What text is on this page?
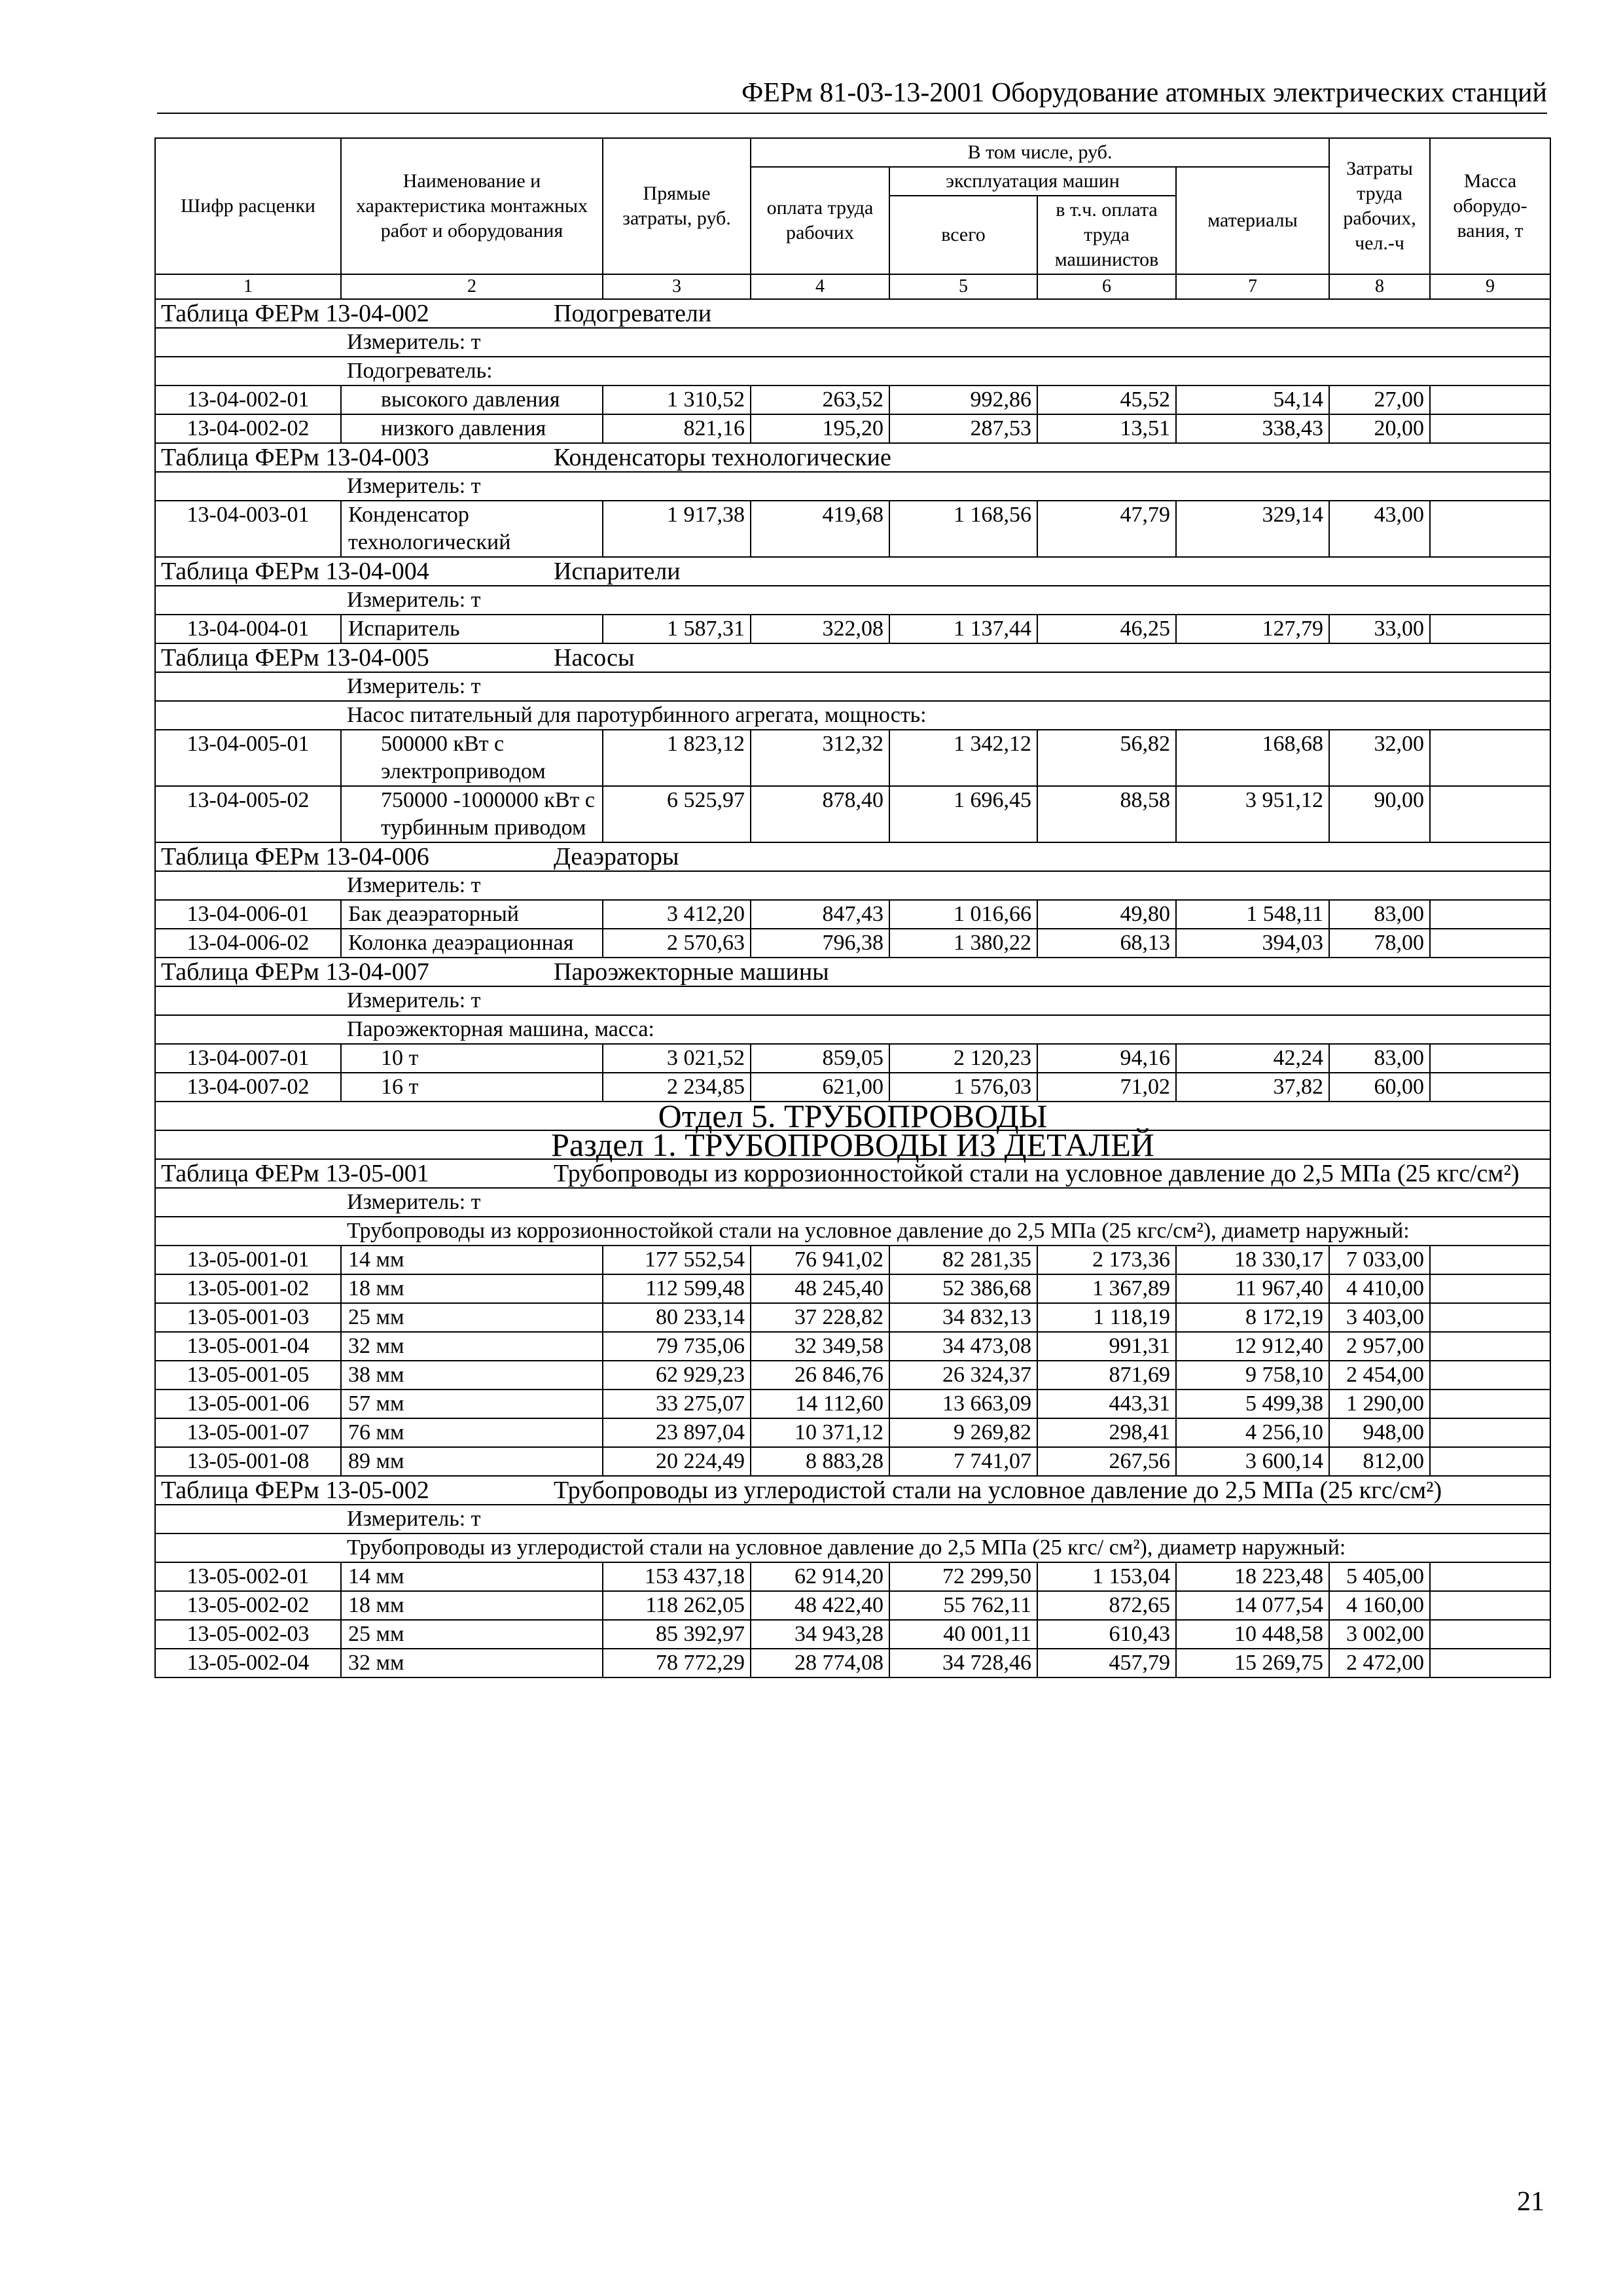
ФЕРм 81-03-13-2001 Оборудование атомных электрических станций
Шифр расценки	Наименование и характеристика монтажных работ и оборудования	Прямые затраты, руб.	В том числе, руб.				Затраты труда рабочих, чел.-ч	Масса оборудо-вания, т
			оплата труда рабочих	эксплуатация машин		материалы		
				всего	в т.ч. оплата труда машинистов			
1	2	3	4	5	6	7	8	9
Таблица ФЕРм 13-04-002 Подогреватели								
Измеритель: т								
Подогреватель:								
13-04-002-01	высокого давления	1 310,52	263,52	992,86	45,52	54,14	27,00	
13-04-002-02	низкого давления	821,16	195,20	287,53	13,51	338,43	20,00	
Таблица ФЕРм 13-04-003 Конденсаторы технологические								
Измеритель: т								
13-04-003-01	Конденсатор технологический	1 917,38	419,68	1 168,56	47,79	329,14	43,00	
Таблица ФЕРм 13-04-004 Испарители								
Измеритель: т								
13-04-004-01	Испаритель	1 587,31	322,08	1 137,44	46,25	127,79	33,00	
Таблица ФЕРм 13-04-005 Насосы								
Измеритель: т								
Насос питательный для паротурбинного агрегата, мощность:								
13-04-005-01	500000 кВт с электроприводом	1 823,12	312,32	1 342,12	56,82	168,68	32,00	
13-04-005-02	750000 -1000000 кВт с турбинным приводом	6 525,97	878,40	1 696,45	88,58	3 951,12	90,00	
Таблица ФЕРм 13-04-006 Деаэраторы								
Измеритель: т								
13-04-006-01	Бак деаэраторный	3 412,20	847,43	1 016,66	49,80	1 548,11	83,00	
13-04-006-02	Колонка деаэрационная	2 570,63	796,38	1 380,22	68,13	394,03	78,00	
Таблица ФЕРм 13-04-007 Пароэжекторные машины								
Измеритель: т								
Пароэжекторная машина, масса:								
13-04-007-01	10 т	3 021,52	859,05	2 120,23	94,16	42,24	83,00	
13-04-007-02	16 т	2 234,85	621,00	1 576,03	71,02	37,82	60,00	
Отдел 5. ТРУБОПРОВОДЫ								
Раздел 1. ТРУБОПРОВОДЫ ИЗ ДЕТАЛЕЙ								
Таблица ФЕРм 13-05-001 Трубопроводы из коррозионностойкой стали на условное давление до 2,5 МПа (25 кгс/см²)								
Измеритель: т								
Трубопроводы из коррозионностойкой стали на условное давление до 2,5 МПа (25 кгс/см²), диаметр наружный:								
13-05-001-01	14 мм	177 552,54	76 941,02	82 281,35	2 173,36	18 330,17	7 033,00	
13-05-001-02	18 мм	112 599,48	48 245,40	52 386,68	1 367,89	11 967,40	4 410,00	
13-05-001-03	25 мм	80 233,14	37 228,82	34 832,13	1 118,19	8 172,19	3 403,00	
13-05-001-04	32 мм	79 735,06	32 349,58	34 473,08	991,31	12 912,40	2 957,00	
13-05-001-05	38 мм	62 929,23	26 846,76	26 324,37	871,69	9 758,10	2 454,00	
13-05-001-06	57 мм	33 275,07	14 112,60	13 663,09	443,31	5 499,38	1 290,00	
13-05-001-07	76 мм	23 897,04	10 371,12	9 269,82	298,41	4 256,10	948,00	
13-05-001-08	89 мм	20 224,49	8 883,28	7 741,07	267,56	3 600,14	812,00	
Таблица ФЕРм 13-05-002 Трубопроводы из углеродистой стали на условное давление до 2,5 МПа (25 кгс/см²)								
Измеритель: т								
Трубопроводы из углеродистой стали на условное давление до 2,5 МПа (25 кгс/ см²), диаметр наружный:								
13-05-002-01	14 мм	153 437,18	62 914,20	72 299,50	1 153,04	18 223,48	5 405,00	
13-05-002-02	18 мм	118 262,05	48 422,40	55 762,11	872,65	14 077,54	4 160,00	
13-05-002-03	25 мм	85 392,97	34 943,28	40 001,11	610,43	10 448,58	3 002,00	
13-05-002-04	32 мм	78 772,29	28 774,08	34 728,46	457,79	15 269,75	2 472,00	
21
